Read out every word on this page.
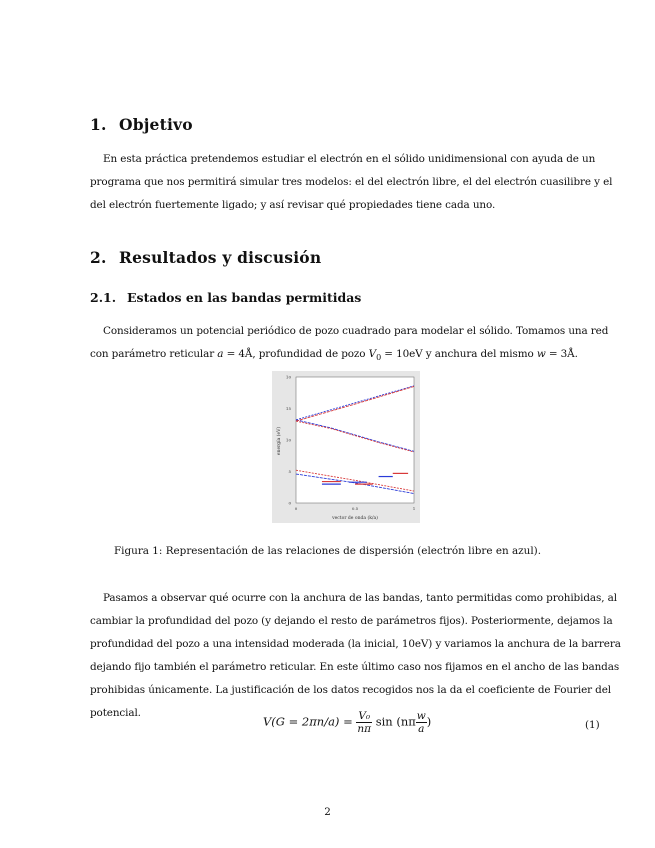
1. Objetivo
En esta práctica pretendemos estudiar el electrón en el sólido unidimensional con ayuda de un
programa que nos permitirá simular tres modelos: el del electrón libre, el del electrón cuasilibre y el
del electrón fuertemente ligado; y así revisar qué propiedades tiene cada uno.
2. Resultados y discusión
2.1. Estados en las bandas permitidas
Consideramos un potencial periódico de pozo cuadrado para modelar el sólido. Tomamos una red
con parámetro reticular a = 4Å, profundidad de pozo $V_0 = 10eV$ y anchura del mismo w = 3Å.
10
15
10
5
0
0	0.5	1
energía (eV)
vector de onda (k/a)
Figura 1: Representación de las relaciones de dispersión (electrón libre en azul).
Pasamos a observar qué ocurre con la anchura de las bandas, tanto permitidas como prohibidas, al
cambiar la profundidad del pozo (y dejando el resto de parámetros fijos). Posteriormente, dejamos la
profundidad del pozo a una intensidad moderada (la inicial, 10eV) y variamos la anchura de la barrera
dejando fijo también el parámetro reticular. En este último caso nos fijamos en el ancho de las bandas
prohibidas únicamente. La justificación de los datos recogidos nos la da el coeficiente de Fourier del
potencial.
$V(G = 2\pi n/a) = \frac{\text{V₀}}{n\pi}$ $\sin (n\pi \frac{w}{a}$ )	(1)
2
